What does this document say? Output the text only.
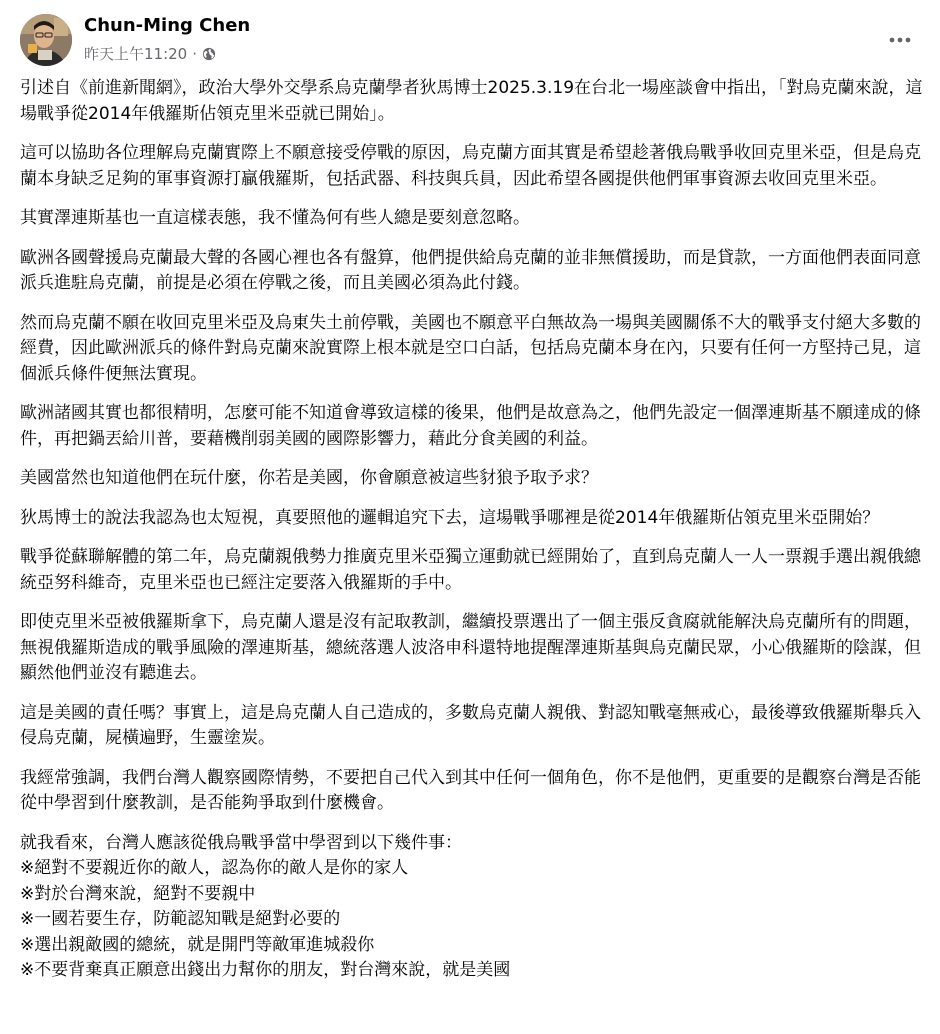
Chun-Ming Chen
昨天上午11:20 ·

引述自《前進新聞網》，政治大學外交學系烏克蘭學者狄馬博士2025.3.19在台北一場座談會中指出，「對烏克蘭來說，這場戰爭從2014年俄羅斯佔領克里米亞就已開始」。

這可以協助各位理解烏克蘭實際上不願意接受停戰的原因，烏克蘭方面其實是希望趁著俄烏戰爭收回克里米亞，但是烏克蘭本身缺乏足夠的軍事資源打贏俄羅斯，包括武器、科技與兵員，因此希望各國提供他們軍事資源去收回克里米亞。

其實澤連斯基也一直這樣表態，我不懂為何有些人總是要刻意忽略。

歐洲各國聲援烏克蘭最大聲的各國心裡也各有盤算，他們提供給烏克蘭的並非無償援助，而是貸款，一方面他們表面同意派兵進駐烏克蘭，前提是必須在停戰之後，而且美國必須為此付錢。

然而烏克蘭不願在收回克里米亞及烏東失土前停戰，美國也不願意平白無故為一場與美國關係不大的戰爭支付絕大多數的經費，因此歐洲派兵的條件對烏克蘭來說實際上根本就是空口白話，包括烏克蘭本身在內，只要有任何一方堅持己見，這個派兵條件便無法實現。

歐洲諸國其實也都很精明，怎麼可能不知道會導致這樣的後果，他們是故意為之，他們先設定一個澤連斯基不願達成的條件，再把鍋丟給川普，要藉機削弱美國的國際影響力，藉此分食美國的利益。

美國當然也知道他們在玩什麼，你若是美國，你會願意被這些豺狼予取予求？

狄馬博士的說法我認為也太短視，真要照他的邏輯追究下去，這場戰爭哪裡是從2014年俄羅斯佔領克里米亞開始？

戰爭從蘇聯解體的第二年，烏克蘭親俄勢力推廣克里米亞獨立運動就已經開始了，直到烏克蘭人一人一票親手選出親俄總統亞努科維奇，克里米亞也已經注定要落入俄羅斯的手中。

即使克里米亞被俄羅斯拿下，烏克蘭人還是沒有記取教訓，繼續投票選出了一個主張反貪腐就能解決烏克蘭所有的問題，無視俄羅斯造成的戰爭風險的澤連斯基，總統落選人波洛申科還特地提醒澤連斯基與烏克蘭民眾，小心俄羅斯的陰謀，但顯然他們並沒有聽進去。

這是美國的責任嗎？事實上，這是烏克蘭人自己造成的，多數烏克蘭人親俄、對認知戰毫無戒心，最後導致俄羅斯舉兵入侵烏克蘭，屍橫遍野，生靈塗炭。

我經常強調，我們台灣人觀察國際情勢，不要把自己代入到其中任何一個角色，你不是他們，更重要的是觀察台灣是否能從中學習到什麼教訓，是否能夠爭取到什麼機會。

就我看來，台灣人應該從俄烏戰爭當中學習到以下幾件事：
※絕對不要親近你的敵人，認為你的敵人是你的家人
※對於台灣來說，絕對不要親中
※一國若要生存，防範認知戰是絕對必要的
※選出親敵國的總統，就是開門等敵軍進城殺你
※不要背棄真正願意出錢出力幫你的朋友，對台灣來說，就是美國
